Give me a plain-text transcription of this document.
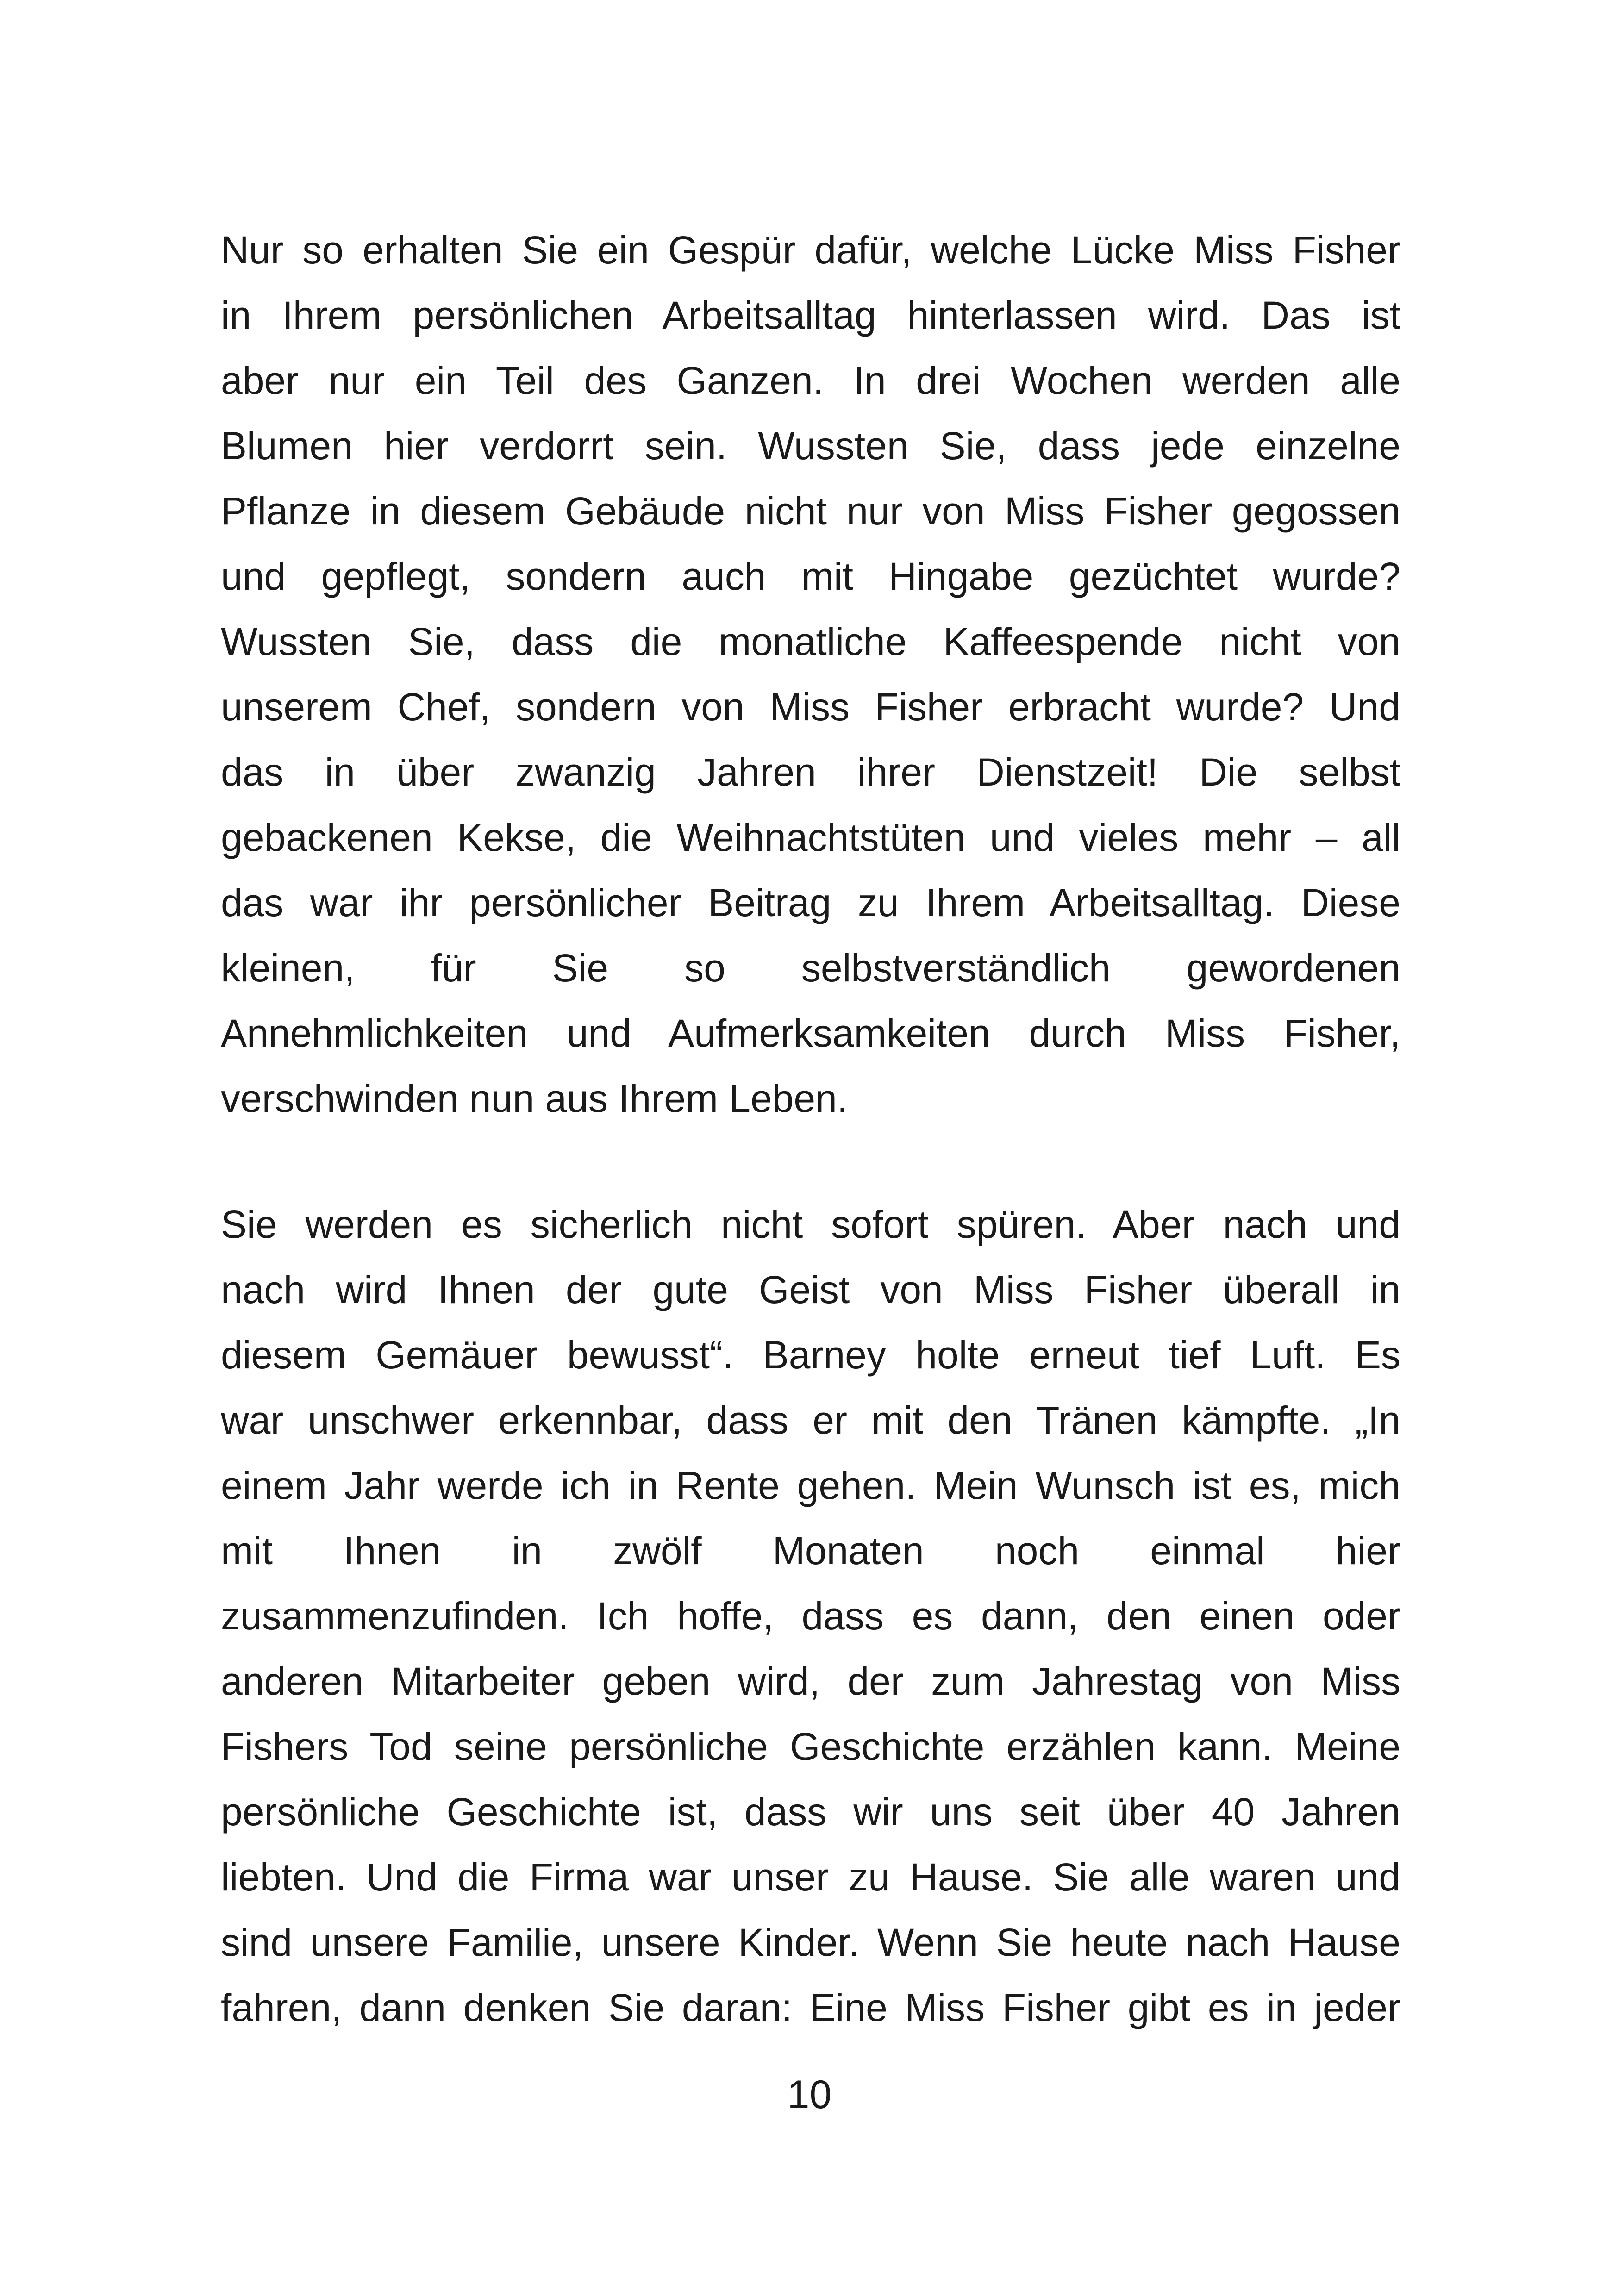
Nur so erhalten Sie ein Gespür dafür, welche Lücke Miss Fisher
in Ihrem persönlichen Arbeitsalltag hinterlassen wird. Das ist
aber nur ein Teil des Ganzen. In drei Wochen werden alle
Blumen hier verdorrt sein. Wussten Sie, dass jede einzelne
Pflanze in diesem Gebäude nicht nur von Miss Fisher gegossen
und gepflegt, sondern auch mit Hingabe gezüchtet wurde?
Wussten Sie, dass die monatliche Kaffeespende nicht von
unserem Chef, sondern von Miss Fisher erbracht wurde? Und
das in über zwanzig Jahren ihrer Dienstzeit! Die selbst
gebackenen Kekse, die Weihnachtstüten und vieles mehr – all
das war ihr persönlicher Beitrag zu Ihrem Arbeitsalltag. Diese
kleinen, für Sie so selbstverständlich gewordenen
Annehmlichkeiten und Aufmerksamkeiten durch Miss Fisher,
verschwinden nun aus Ihrem Leben.
Sie werden es sicherlich nicht sofort spüren. Aber nach und
nach wird Ihnen der gute Geist von Miss Fisher überall in
diesem Gemäuer bewusst“. Barney holte erneut tief Luft. Es
war unschwer erkennbar, dass er mit den Tränen kämpfte. „In
einem Jahr werde ich in Rente gehen. Mein Wunsch ist es, mich
mit Ihnen in zwölf Monaten noch einmal hier
zusammenzufinden. Ich hoffe, dass es dann, den einen oder
anderen Mitarbeiter geben wird, der zum Jahrestag von Miss
Fishers Tod seine persönliche Geschichte erzählen kann. Meine
persönliche Geschichte ist, dass wir uns seit über 40 Jahren
liebten. Und die Firma war unser zu Hause. Sie alle waren und
sind unsere Familie, unsere Kinder. Wenn Sie heute nach Hause
fahren, dann denken Sie daran: Eine Miss Fisher gibt es in jeder
10
